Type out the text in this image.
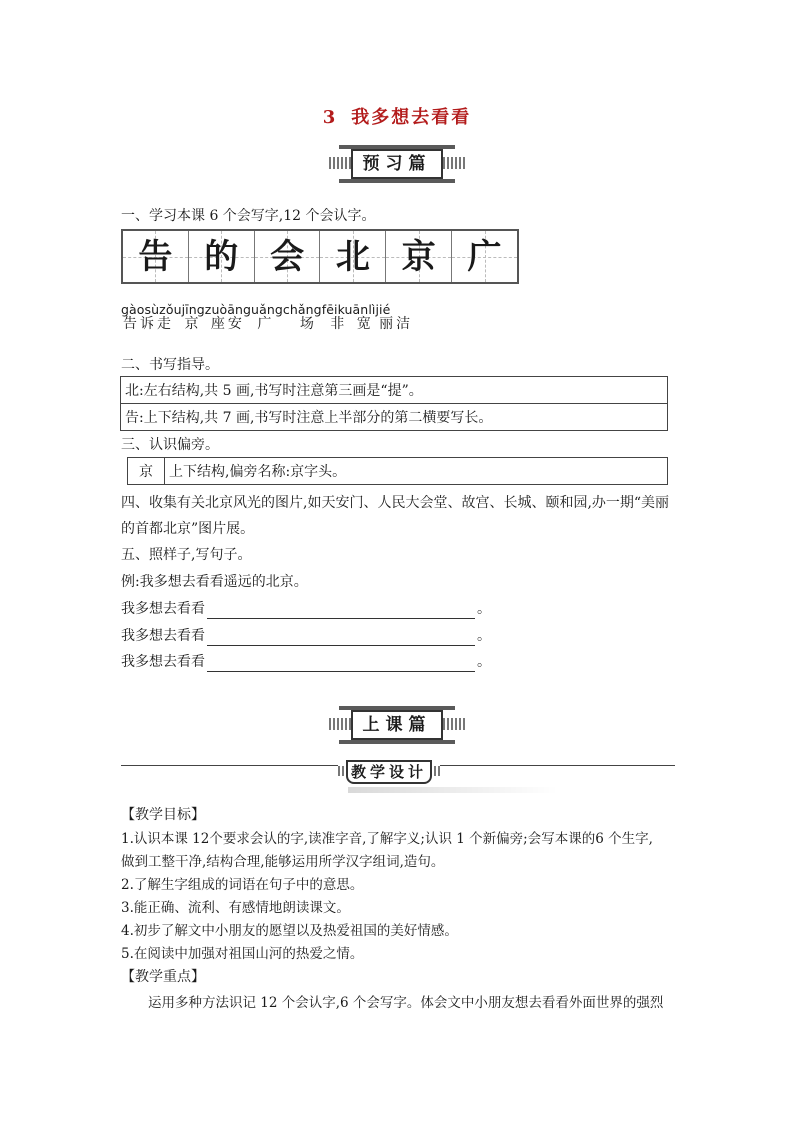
3 我多想去看看
预习篇
一、学习本课 6 个会写字,12 个会认字。
告 的 会 北 京 广
gàosùzǒujīngzuòānguǎngchǎngfēikuānlìjié
告诉走 京 座安 广 场 非 宽 丽洁
二、书写指导。
北:左右结构,共 5 画,书写时注意第三画是“提”。
告:上下结构,共 7 画,书写时注意上半部分的第二横要写长。
三、认识偏旁。
京	上下结构,偏旁名称:京字头。
四、收集有关北京风光的图片,如天安门、人民大会堂、故宫、长城、颐和园,办一期“美丽
的首都北京”图片展。
五、照样子,写句子。
例:我多想去看看遥远的北京。
我多想去看看	。
我多想去看看	。
我多想去看看	。
上课篇
教学设计
【教学目标】
1.认识本课 12个要求会认的字,读准字音,了解字义;认识 1 个新偏旁;会写本课的6 个生字,
做到工整干净,结构合理,能够运用所学汉字组词,造句。
2.了解生字组成的词语在句子中的意思。
3.能正确、流利、有感情地朗读课文。
4.初步了解文中小朋友的愿望以及热爱祖国的美好情感。
5.在阅读中加强对祖国山河的热爱之情。
【教学重点】
运用多种方法识记 12 个会认字,6 个会写字。体会文中小朋友想去看看外面世界的强烈
